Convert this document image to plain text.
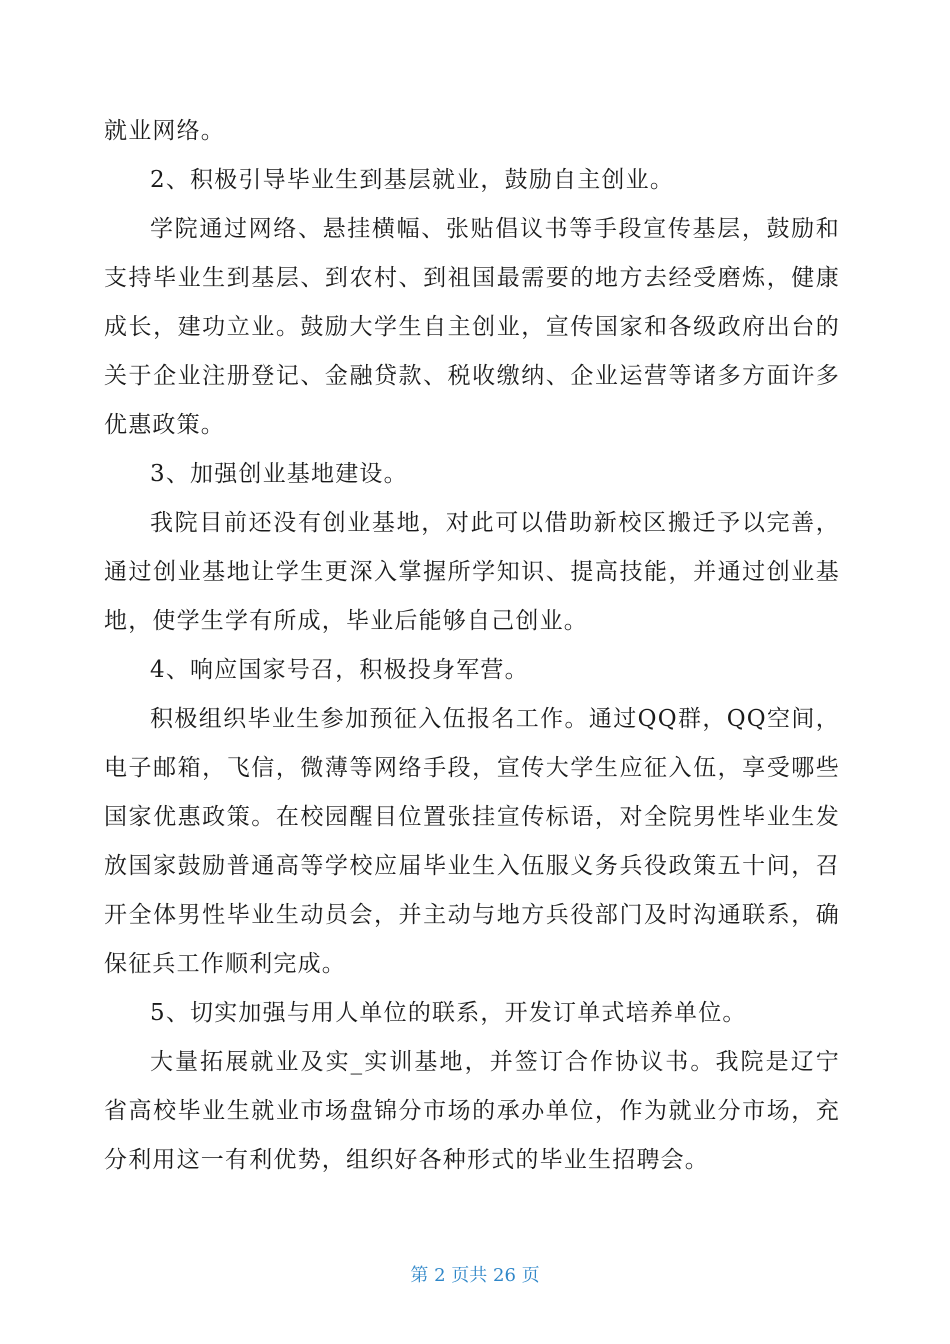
就业网络。

2、积极引导毕业生到基层就业，鼓励自主创业。

学院通过网络、悬挂横幅、张贴倡议书等手段宣传基层，鼓励和支持毕业生到基层、到农村、到祖国最需要的地方去经受磨炼，健康成长，建功立业。鼓励大学生自主创业，宣传国家和各级政府出台的关于企业注册登记、金融贷款、税收缴纳、企业运营等诸多方面许多优惠政策。

3、加强创业基地建设。

我院目前还没有创业基地，对此可以借助新校区搬迁予以完善，通过创业基地让学生更深入掌握所学知识、提高技能，并通过创业基地，使学生学有所成，毕业后能够自己创业。

4、响应国家号召，积极投身军营。

积极组织毕业生参加预征入伍报名工作。通过QQ群，QQ空间，电子邮箱，飞信，微薄等网络手段，宣传大学生应征入伍，享受哪些国家优惠政策。在校园醒目位置张挂宣传标语，对全院男性毕业生发放国家鼓励普通高等学校应届毕业生入伍服义务兵役政策五十问，召开全体男性毕业生动员会，并主动与地方兵役部门及时沟通联系，确保征兵工作顺利完成。

5、切实加强与用人单位的联系，开发订单式培养单位。

大量拓展就业及实_实训基地，并签订合作协议书。我院是辽宁省高校毕业生就业市场盘锦分市场的承办单位，作为就业分市场，充分利用这一有利优势，组织好各种形式的毕业生招聘会。

第 2 页共 26 页
